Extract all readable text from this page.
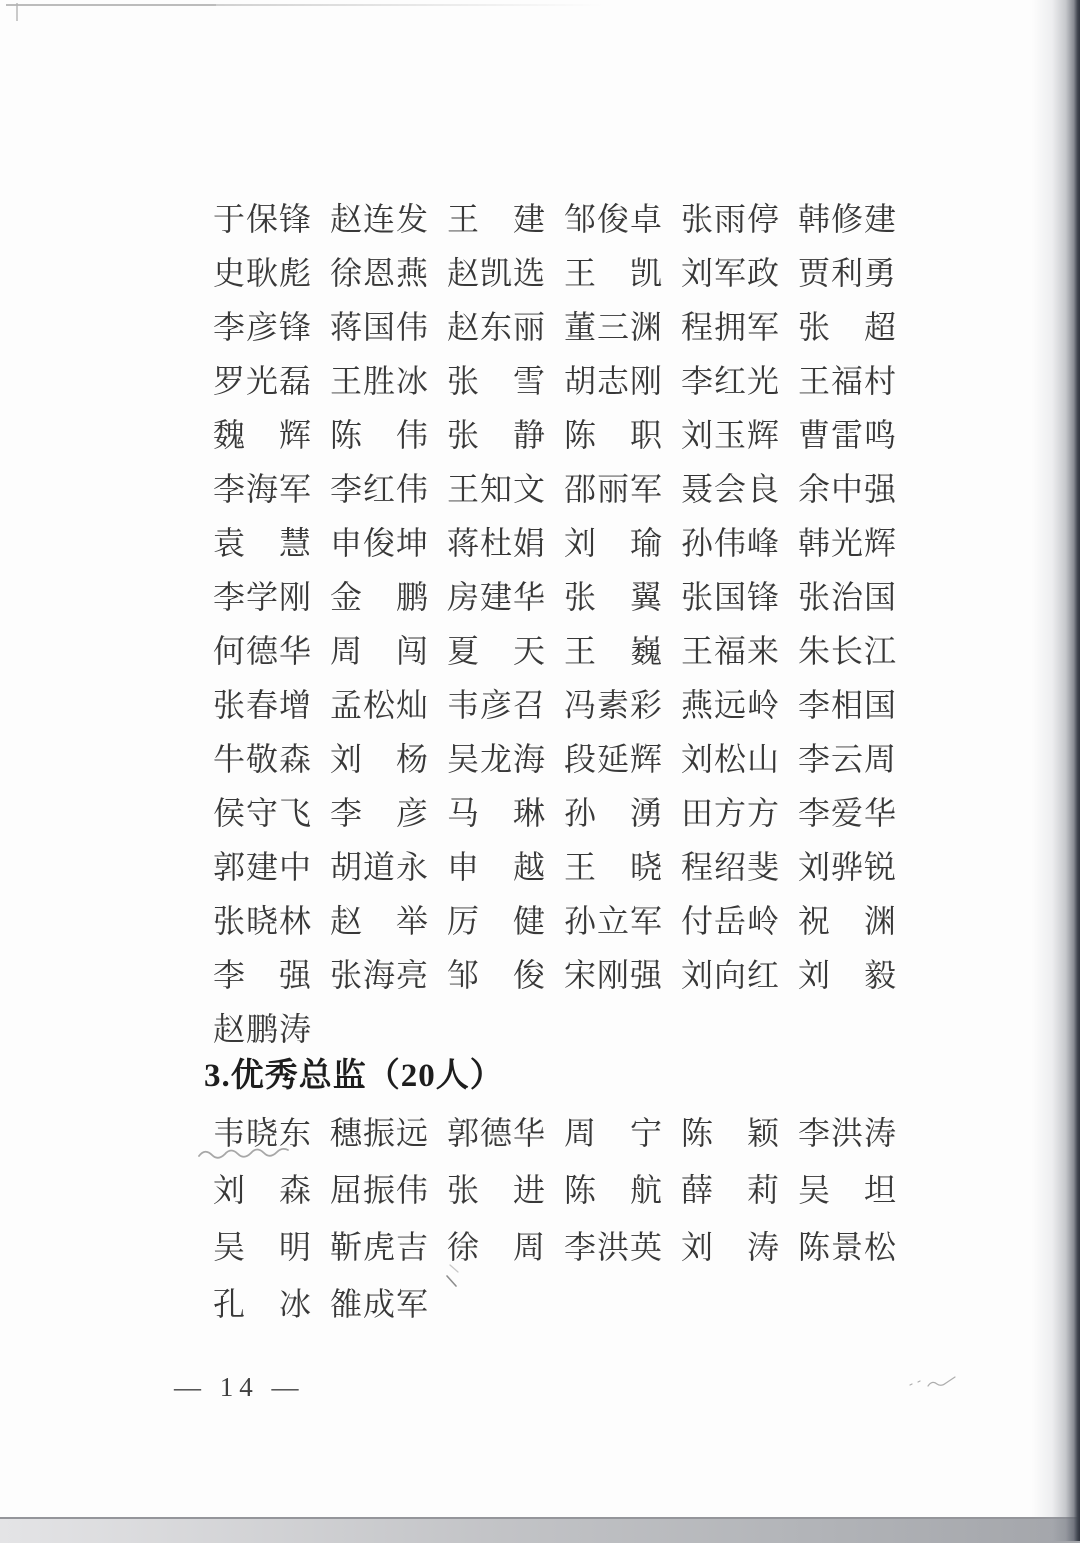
于 保 锋 赵 连 发 王 建 邹 俊 卓 张 雨 停 韩 修 建
史 耿 彪 徐 恩 燕 赵 凯 选 王 凯 刘 军 政 贾 利 勇
李 彦 锋 蒋 国 伟 赵 东 丽 董 三 渊 程 拥 军 张 超
罗 光 磊 王 胜 冰 张 雪 胡 志 刚 李 红 光 王 福 村
魏 辉 陈 伟 张 静 陈 职 刘 玉 辉 曹 雷 鸣
李 海 军 李 红 伟 王 知 文 邵 丽 军 聂 会 良 余 中 强
袁 慧 申 俊 坤 蒋 杜 娟 刘 瑜 孙 伟 峰 韩 光 辉
李 学 刚 金 鹏 房 建 华 张 翼 张 国 锋 张 治 国
何 德 华 周 闯 夏 天 王 巍 王 福 来 朱 长 江
张 春 增 孟 松 灿 韦 彦 召 冯 素 彩 燕 远 岭 李 相 国
牛 敬 森 刘 杨 吴 龙 海 段 延 辉 刘 松 山 李 云 周
侯 守 飞 李 彦 马 琳 孙 湧 田 方 方 李 爱 华
郭 建 中 胡 道 永 申 越 王 晓 程 绍 斐 刘 骅 锐
张 晓 林 赵 举 厉 健 孙 立 军 付 岳 岭 祝 渊
李 强 张 海 亮 邹 俊 宋 刚 强 刘 向 红 刘 毅
赵 鹏 涛
3.优秀总监（20人）
韦 晓 东 穗 振 远 郭 德 华 周 宁 陈 颖 李 洪 涛
刘 森 屈 振 伟 张 进 陈 航 薛 莉 吴 坦
吴 明 靳 虎 吉 徐 周 李 洪 英 刘 涛 陈 景 松
孔 冰 雒 成 军
— 14 —
